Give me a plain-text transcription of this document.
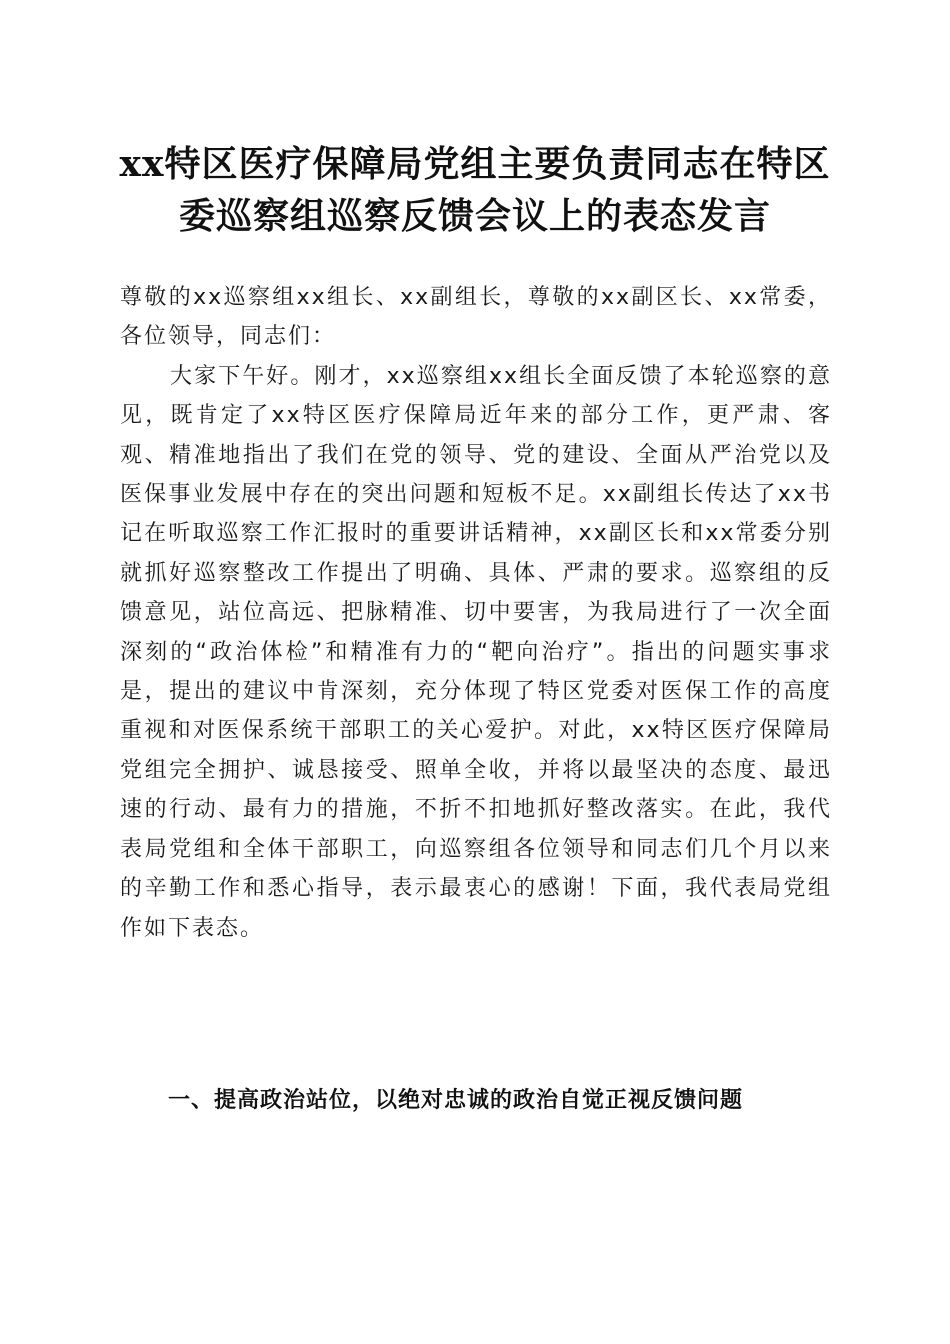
xx特区医疗保障局党组主要负责同志在特区
委巡察组巡察反馈会议上的表态发言

尊敬的xx巡察组xx组长、xx副组长，尊敬的xx副区长、xx常委，各位领导，同志们：

大家下午好。刚才，xx巡察组xx组长全面反馈了本轮巡察的意见，既肯定了xx特区医疗保障局近年来的部分工作，更严肃、客观、精准地指出了我们在党的领导、党的建设、全面从严治党以及医保事业发展中存在的突出问题和短板不足。xx副组长传达了xx书记在听取巡察工作汇报时的重要讲话精神，xx副区长和xx常委分别就抓好巡察整改工作提出了明确、具体、严肃的要求。巡察组的反馈意见，站位高远、把脉精准、切中要害，为我局进行了一次全面深刻的“政治体检”和精准有力的“靶向治疗”。指出的问题实事求是，提出的建议中肯深刻，充分体现了特区党委对医保工作的高度重视和对医保系统干部职工的关心爱护。对此，xx特区医疗保障局党组完全拥护、诚恳接受、照单全收，并将以最坚决的态度、最迅速的行动、最有力的措施，不折不扣地抓好整改落实。在此，我代表局党组和全体干部职工，向巡察组各位领导和同志们几个月以来的辛勤工作和悉心指导，表示最衷心的感谢！下面，我代表局党组作如下表态。

一、提高政治站位，以绝对忠诚的政治自觉正视反馈问题
